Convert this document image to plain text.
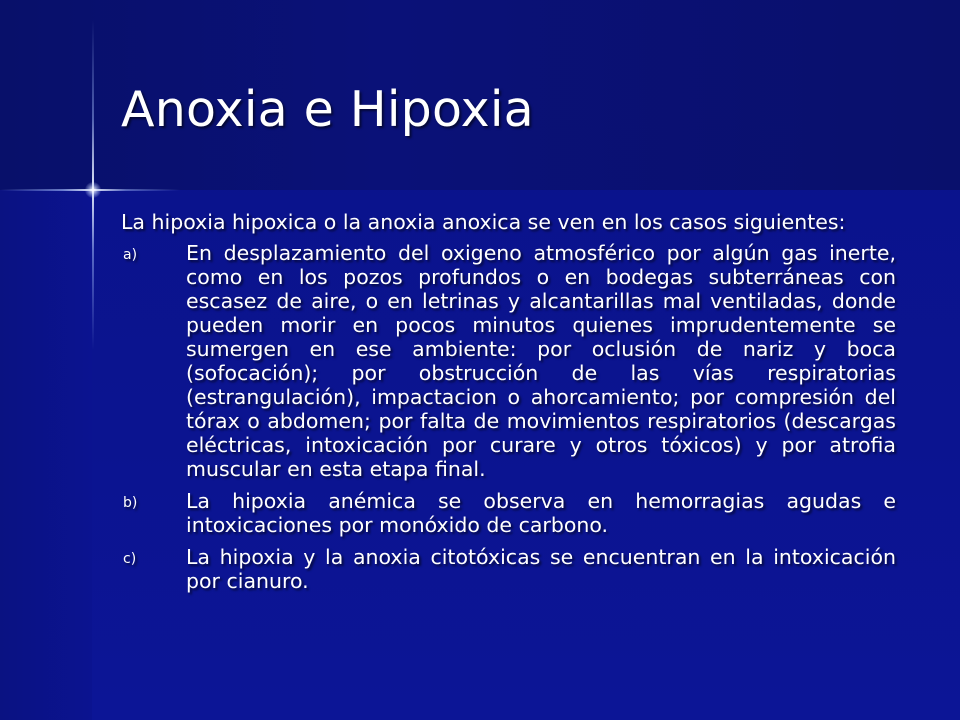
Anoxia e Hipoxia

La hipoxia hipoxica o la anoxia anoxica se ven en los casos siguientes:

a) En desplazamiento del oxigeno atmosférico por algún gas inerte, como en los pozos profundos o en bodegas subterráneas con escasez de aire, o en letrinas y alcantarillas mal ventiladas, donde pueden morir en pocos minutos quienes imprudentemente se sumergen en ese ambiente: por oclusión de nariz y boca (sofocación); por obstrucción de las vías respiratorias (estrangulación), impactacion o ahorcamiento; por compresión del tórax o abdomen; por falta de movimientos respiratorios (descargas eléctricas, intoxicación por curare y otros tóxicos) y por atrofia muscular en esta etapa final.
b) La hipoxia anémica se observa en hemorragias agudas e intoxicaciones por monóxido de carbono.
c) La hipoxia y la anoxia citotóxicas se encuentran en la intoxicación por cianuro.
